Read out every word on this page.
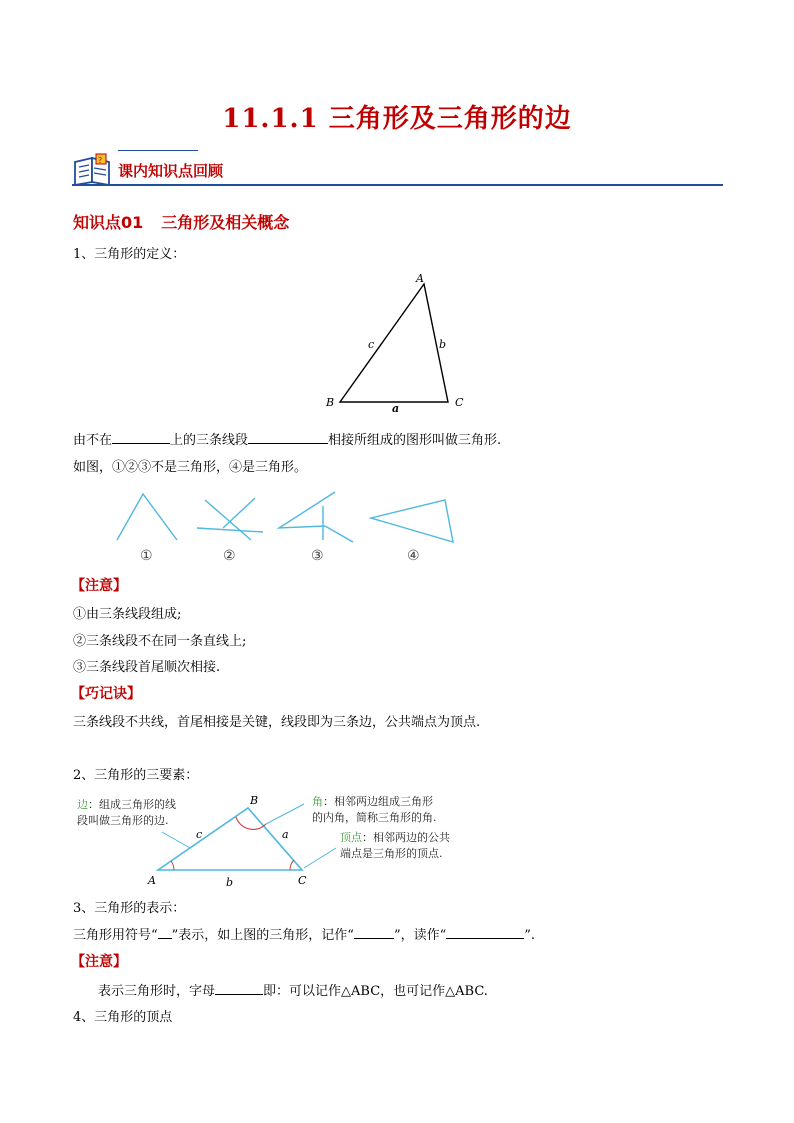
11.1.1 三角形及三角形的边
?
课内知识点回顾
知识点01 三角形及相关概念
1、三角形的定义：
A
B	C
a
b
c
由不在	上的三条线段	相接所组成的图形叫做三角形.
如图，①②③不是三角形，④是三角形。
①	②	③	④
【注意】
①由三条线段组成;
②三条线段不在同一条直线上;
③三条线段首尾顺次相接.
【巧记诀】
三条线段不共线，首尾相接是关键，线段即为三条边，公共端点为顶点.
2、三角形的三要素：
A
B
C
a
b
c
边：组成三角形的线
段叫做三角形的边.
角：相邻两边组成三角形
的内角，简称三角形的角.
顶点：相邻两边的公共
端点是三角形的顶点.
3、三角形的表示：
三角形用符号“ ”表示，如上图的三角形，记作“	”，读作“	”.
【注意】
表示三角形时，字母	即：可以记作△ABC，也可记作△ABC.
4、三角形的顶点
